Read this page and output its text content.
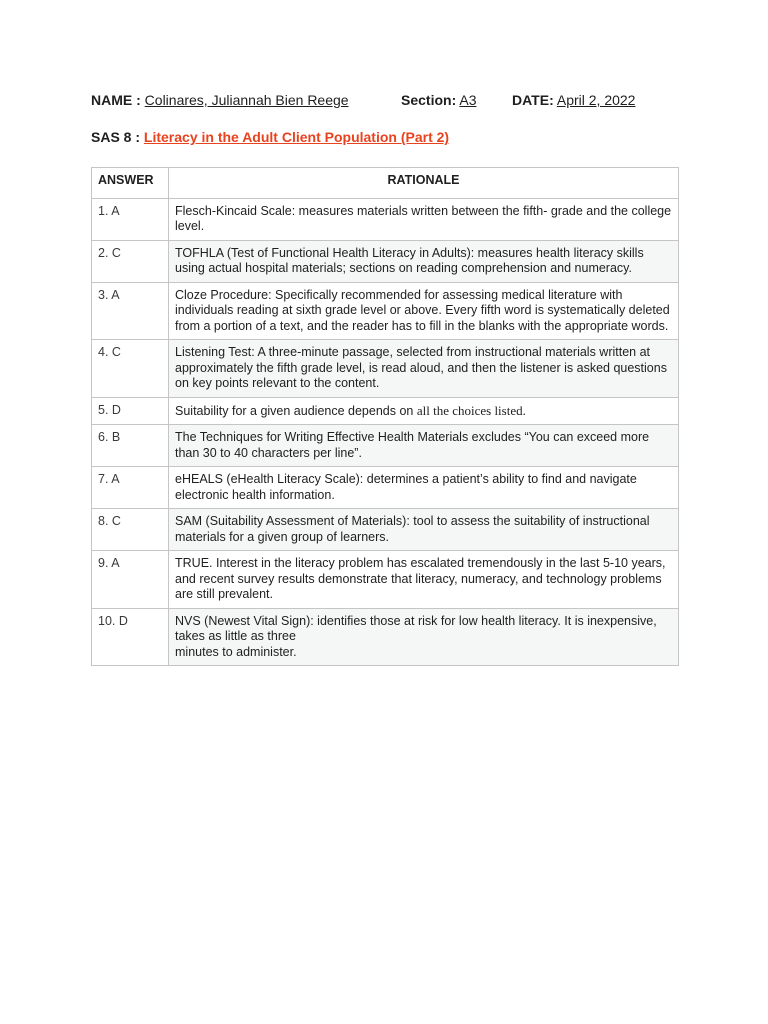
NAME : Colinares, Juliannah Bien Reege	Section: A3	DATE: April 2, 2022
SAS 8 : Literacy in the Adult Client Population (Part 2)
ANSWER	RATIONALE
1. A	Flesch-Kincaid Scale: measures materials written between the fifth- grade and the college level.
2. C	TOFHLA (Test of Functional Health Literacy in Adults): measures health literacy skills using actual hospital materials; sections on reading comprehension and numeracy.
3. A	Cloze Procedure: Specifically recommended for assessing medical literature with individuals reading at sixth grade level or above. Every fifth word is systematically deleted from a portion of a text, and the reader has to fill in the blanks with the appropriate words.
4. C	Listening Test: A three-minute passage, selected from instructional materials written at approximately the fifth grade level, is read aloud, and then the listener is asked questions on key points relevant to the content.
5. D	Suitability for a given audience depends on all the choices listed.
6. B	The Techniques for Writing Effective Health Materials excludes “You can exceed more than 30 to 40 characters per line”.
7. A	eHEALS (eHealth Literacy Scale): determines a patient’s ability to find and navigate electronic health information.
8. C	SAM (Suitability Assessment of Materials): tool to assess the suitability of instructional materials for a given group of learners.
9. A	TRUE. Interest in the literacy problem has escalated tremendously in the last 5-10 years, and recent survey results demonstrate that literacy, numeracy, and technology problems are still prevalent.
10. D	NVS (Newest Vital Sign): identifies those at risk for low health literacy. It is inexpensive, takes as little as three
minutes to administer.
